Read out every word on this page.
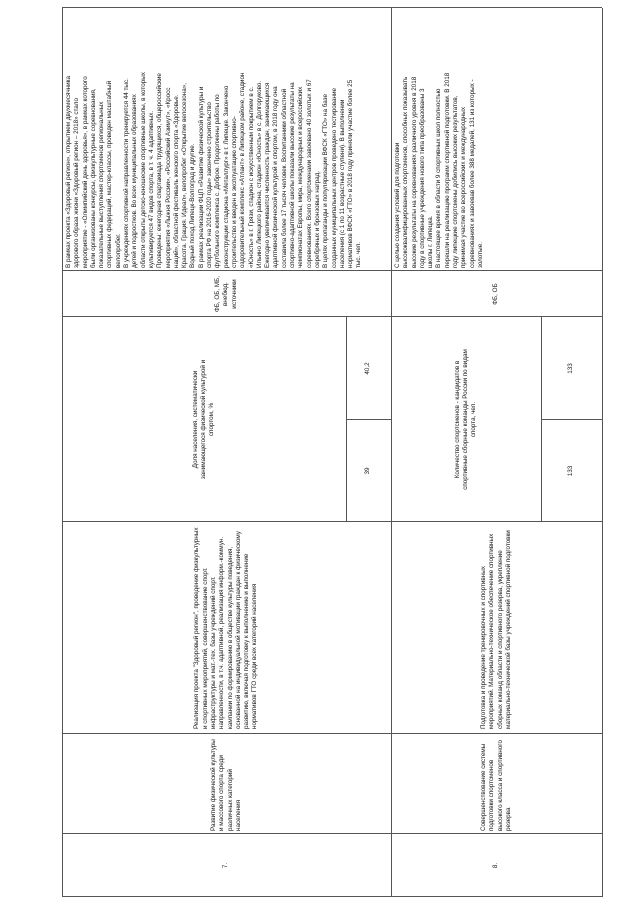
7.
Развитие физической культуры и массового спорта среди различных категорий населения
Реализация проекта "Здоровый регион", проведение физкультурных и спортивных мероприятий, совершенствование спорт. инфраструктуры и мат.-тех. базы учреждений спорт. направленности, в т.ч. адаптивной, реализация информ.-коммун. кампании по формированию в обществе культуры поведения, основанной на индивидуальной мотивации граждан к физическому развитию, включая подготовку к выполнению и выполнение нормативов ГТО среди всех категорий населения
Доля населения, систематически занимающегося физической культурой и спортом, %
39
40,2
ФБ, ОБ, МБ, внебюд. источники
В рамках проекта «Здоровый регион», открытием двухмесячника здорового образа жизни «Здоровый регион – 2018» стало мероприятие - «Олимпийский день здоровья», в рамках которого были организованы конкурсы, физкультурные соревнования, показательные выступления спортсменов региональных спортивных федераций, мастер-классы, проведен масштабный велопробег. В учреждениях спортивной направленности тренируется 44 тыс. детей и подростков. Во всех муниципальных образованиях области открыты детско-юношеские спортивные школы, в которых культивируется 47 видов спорта, в т. ч. 4 адаптивных. Проведены: ежегодная спартакиада трудящихся, общероссийские мероприятия «Лыжня России», «Российский Азимут», «Кросс наций», областной фестиваль женского спорта «Здоровье. Красота. Грация. Идеал», велопробег «Открытие велосезона», Водный поход Липецк-Волгоград и другие. В рамках реализации ФЦП «Развитие физической культуры и спорта РФ на 2016-2020 годы» закончено строительство футбольного комплекса с. Доброе. Продолжены работы по реконструкции стадиона «Металлург» в г. Липецке. Закончено строительство и введен в эксплуатацию спортивно- оздоровительный комплекс «Атлант» в Липецком районе, стадион «Юность» в г. Грязи, стадион с искусственным покрытием в с. Ильино Липецкого района, стадион «Юность» в с. Долгоруково. Ежегодно увеличивается численность граждан, занимающихся адаптивной физической культурой и спортом, в 2018 году она составила более 17 тысяч человек. Воспитанники областной спортивно-адаптивной школы показали высокие результаты на чемпионатах Европы, мира, международных и всероссийских соревнованиях. Всего спортсменами завоевано 40 золотых и 67 серебряных и бронзовых наград. В целях пропаганды и популяризации ВФСК «ГТО» на базе созданных муниципальных центров проведено тестирование населения (с 1 по 11 возрастные ступени). В выполнении нормативов ВФСК «ГТО» в 2018 году приняли участие более 25 тыс. чел.
8.
Совершенствование системы подготовки спортсменов высокого класса и спортивного резерва
Подготовка и проведение тренировочных и спортивных мероприятий. Материально-техническое обеспечение спортивных сборных команд области и спортивного резерва, укрепление материально-технической базы учреждений спортивной подготовки
Количество спортсменов - кандидатов в спортивные сборные команды России по видам спорта, чел.
133
133
ФБ, ОБ
С целью создания условий для подготовки высококвалифицированных спортсменов, способных показывать высокие результаты на соревнованиях различного уровня в 2018 году в спортивные учреждения нового типа преобразованы 3 школы г. Липецка. В настоящее время в области 9 спортивных школ полностью перешли на реализацию программ спортивной подготовки. В 2018 году липецкие спортсмены добились высоких результатов, принимая участие во всероссийских и международных соревнованиях и завоевав более 388 медалей, 131 из которых - золотые.
